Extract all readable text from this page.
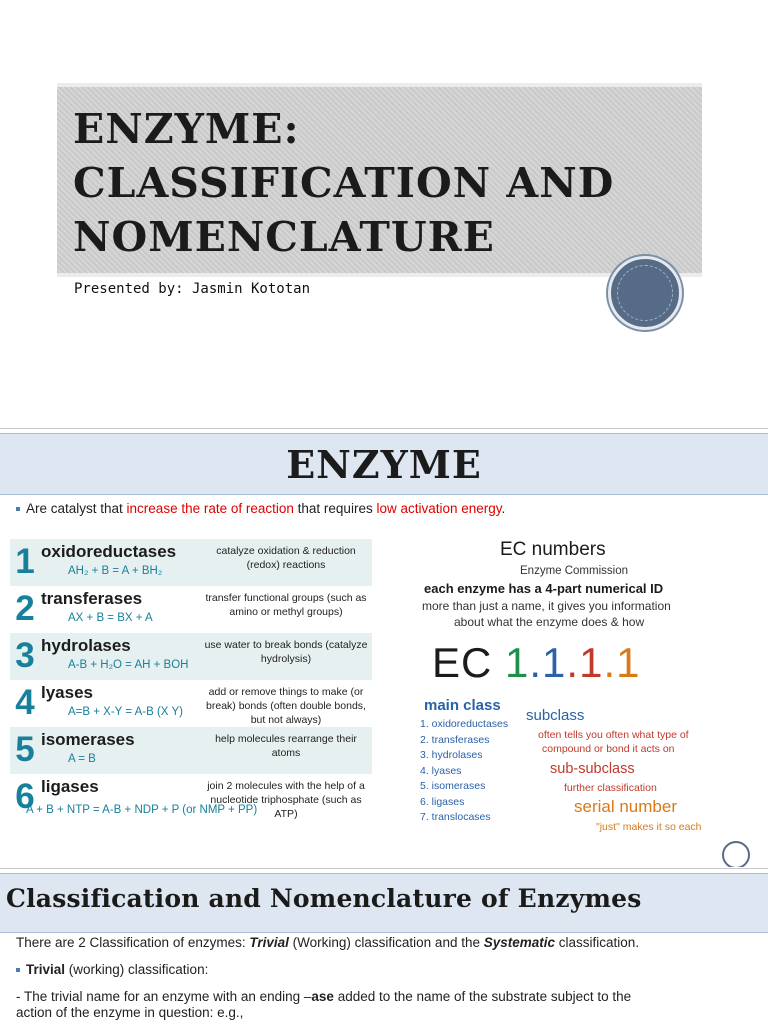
ENZYME:
CLASSIFICATION AND
NOMENCLATURE
Presented by: Jasmin Kototan
ENZYME
Are catalyst that increase the rate of reaction that requires low activation energy.
1 oxidoreductases
AH₂ + B = A + BH₂
catalyze oxidation & reduction (redox) reactions
2 transferases
AX + B = BX + A
transfer functional groups (such as amino or methyl groups)
3 hydrolases
A-B + H₂O = AH + BOH
use water to break bonds (catalyze hydrolysis)
4 lyases
A=B + X-Y = A-B (X Y)
add or remove things to make (or break) bonds (often double bonds, but not always)
5 isomerases
A = B
help molecules rearrange their atoms
6 ligases
A + B + NTP = A-B + NDP + P (or NMP + PP)
join 2 molecules with the help of a nucleotide triphosphate (such as ATP)
EC numbers
Enzyme Commission
each enzyme has a 4-part numerical ID
more than just a name, it gives you information
about what the enzyme does & how
EC 1.1.1.1
main class
1. oxidoreductases
2. transferases
3. hydrolases
4. lyases
5. isomerases
6. ligases
7. translocases
subclass
often tells you often what type of
compound or bond it acts on
sub-subclass
further classification
serial number
"just" makes it so each
Classification and Nomenclature of Enzymes
There are 2 Classification of enzymes: Trivial (Working) classification and the Systematic classification.
Trivial (working) classification:
- The trivial name for an enzyme with an ending –ase added to the name of the substrate subject to the
action of the enzyme in question: e.g.,
